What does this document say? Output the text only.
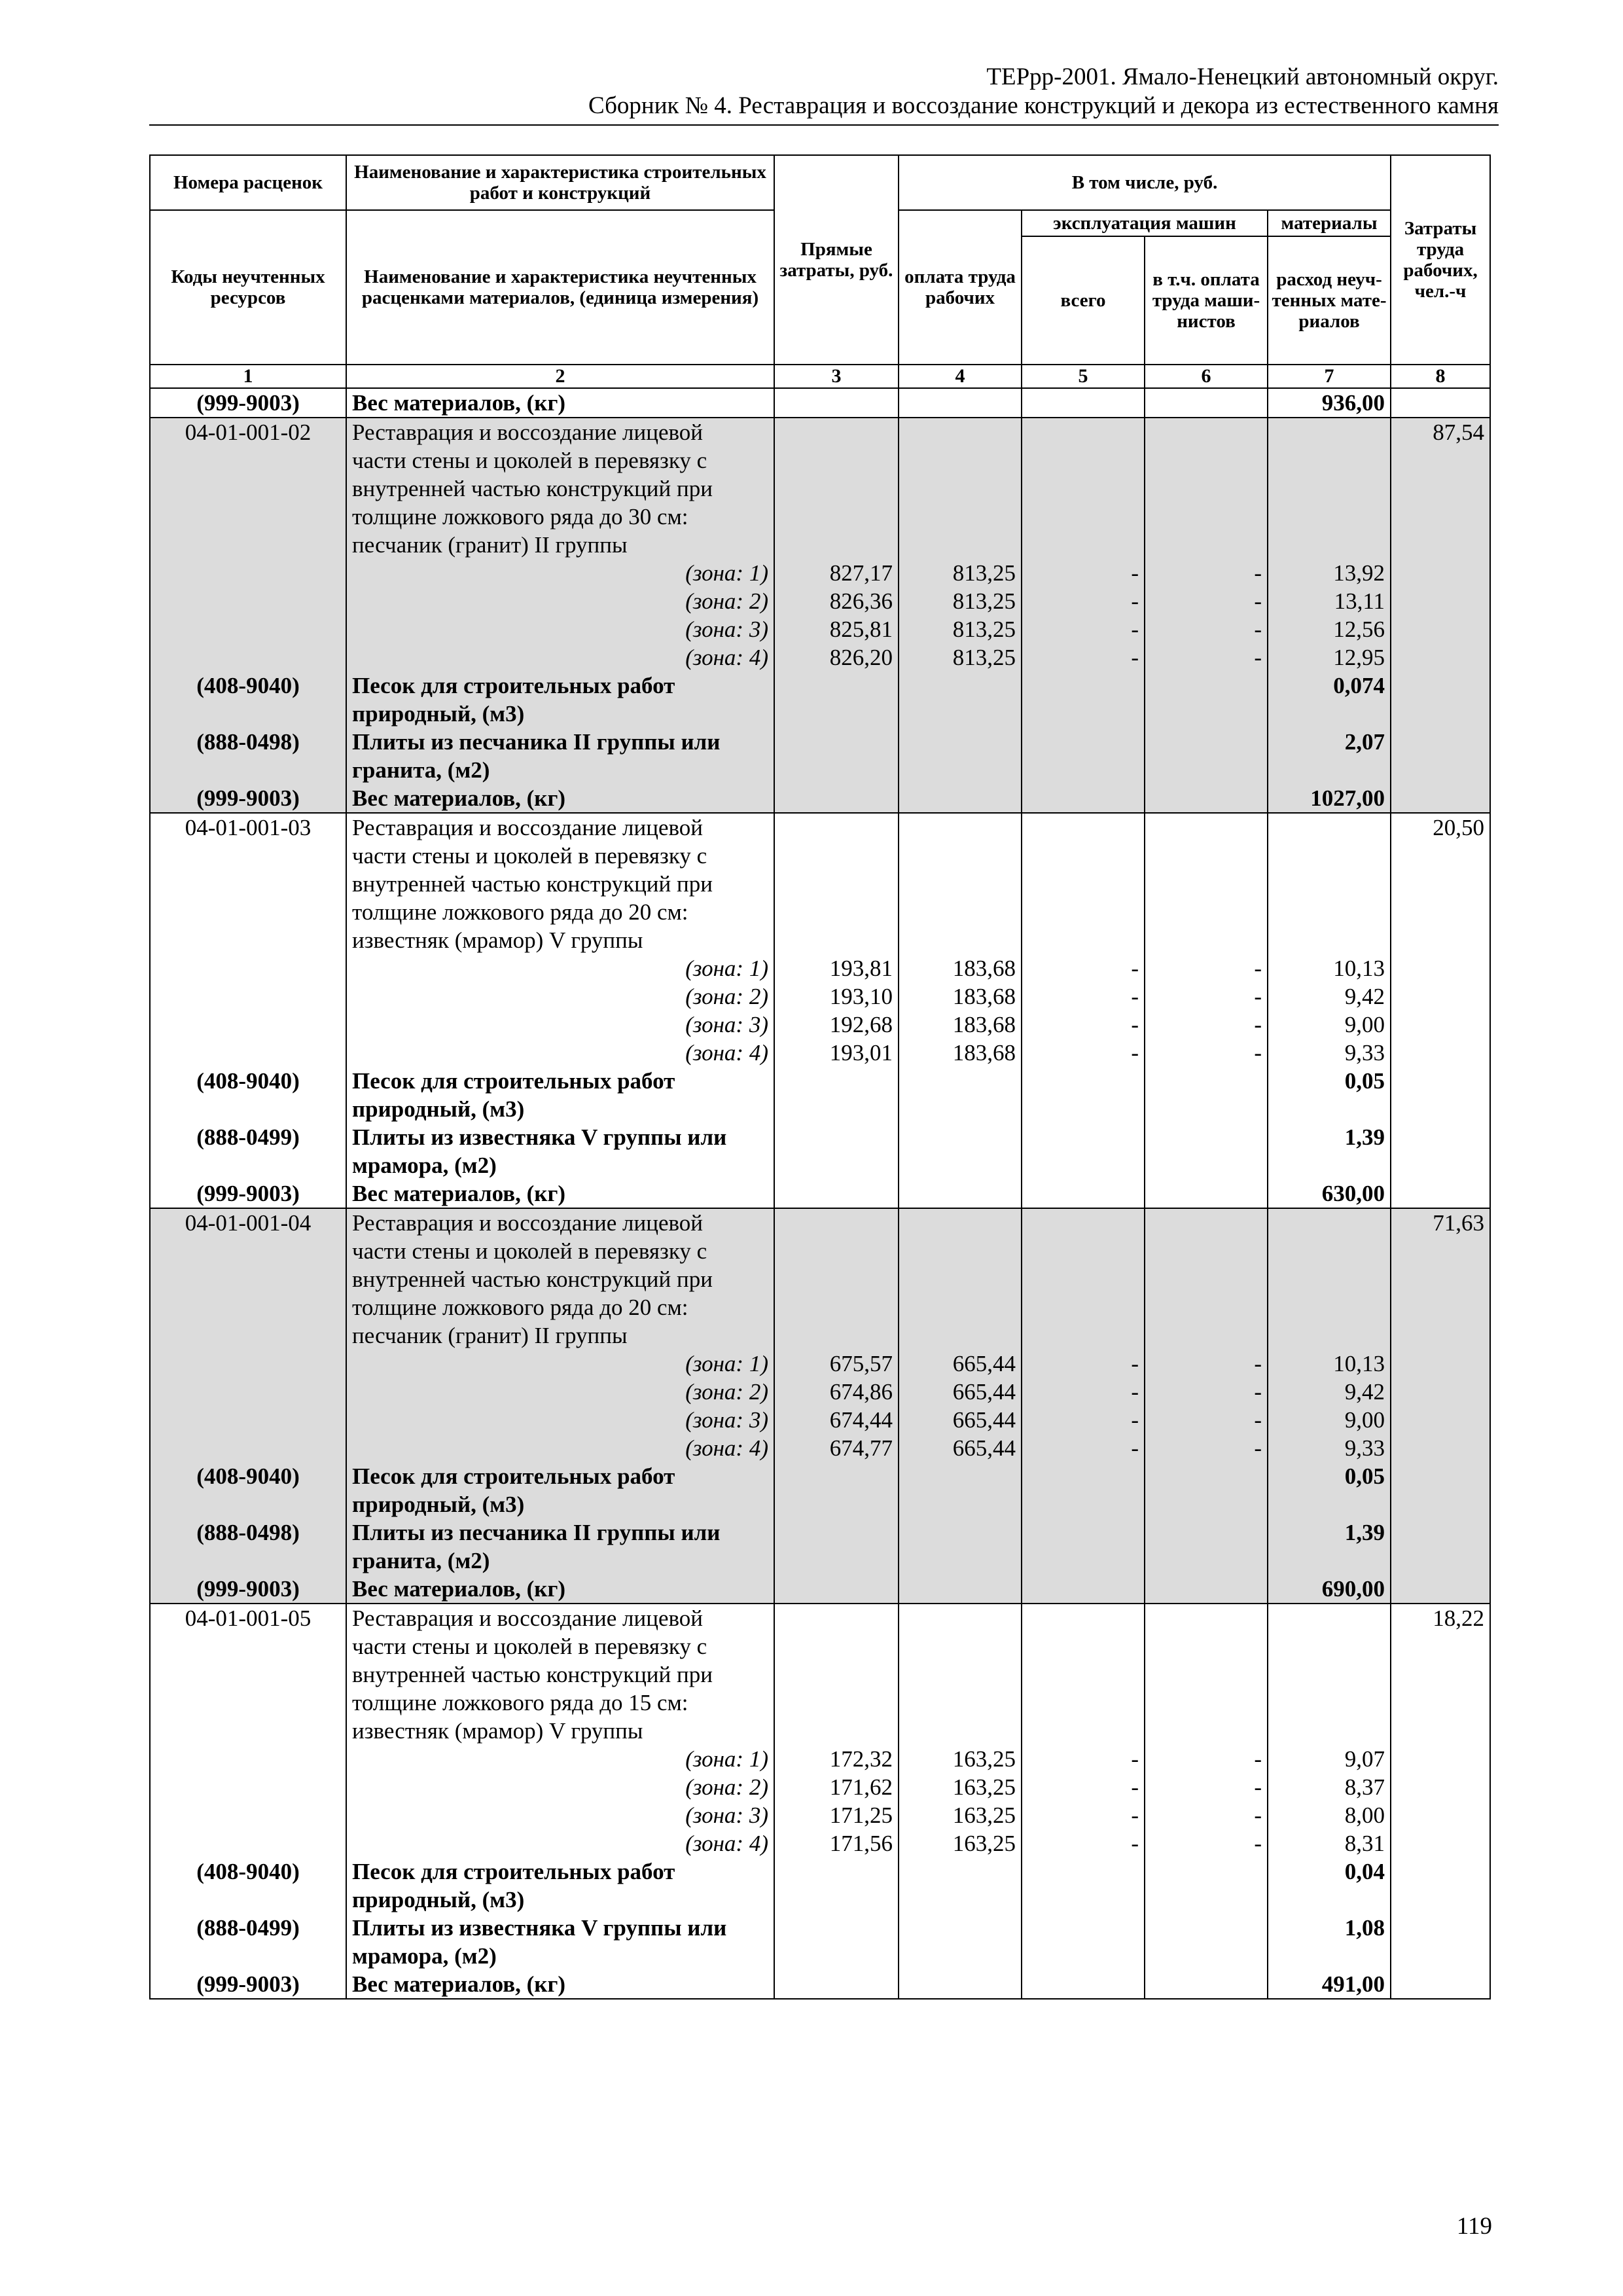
ТЕРрр-2001. Ямало-Ненецкий автономный округ.
Сборник № 4. Реставрация и воссоздание конструкций и декора из естественного камня
Номера расценок	Наименование и характеристика строительных работ и конструкций	Прямые затраты, руб.	В том числе, руб.				Затраты труда рабочих, чел.-ч
Коды неучтенных ресурсов	Наименование и характеристика неучтенных расценками материалов, (единица измерения)		оплата труда рабочих	эксплуатация машин		материалы	
				всего	в т.ч. оплата труда маши-нистов	расход неуч-тенных мате-риалов	
1	2	3	4	5	6	7	8
(999-9003)	Вес материалов, (кг)					936,00	
04-01-001-02	Реставрация и воссоздание лицевой						87,54
	части стены и цоколей в перевязку с						
	внутренней частью конструкций при						
	толщине ложкового ряда до 30 см:						
	песчаник (гранит) II группы						
	(зона: 1)	827,17	813,25	-	-	13,92	
	(зона: 2)	826,36	813,25	-	-	13,11	
	(зона: 3)	825,81	813,25	-	-	12,56	
	(зона: 4)	826,20	813,25	-	-	12,95	
(408-9040)	Песок для строительных работ					0,074	
	природный, (м3)						
(888-0498)	Плиты из песчаника II группы или					2,07	
	гранита, (м2)						
(999-9003)	Вес материалов, (кг)					1027,00	
04-01-001-03	Реставрация и воссоздание лицевой						20,50
	части стены и цоколей в перевязку с						
	внутренней частью конструкций при						
	толщине ложкового ряда до 20 см:						
	известняк (мрамор) V группы						
	(зона: 1)	193,81	183,68	-	-	10,13	
	(зона: 2)	193,10	183,68	-	-	9,42	
	(зона: 3)	192,68	183,68	-	-	9,00	
	(зона: 4)	193,01	183,68	-	-	9,33	
(408-9040)	Песок для строительных работ					0,05	
	природный, (м3)						
(888-0499)	Плиты из известняка V группы или					1,39	
	мрамора, (м2)						
(999-9003)	Вес материалов, (кг)					630,00	
04-01-001-04	Реставрация и воссоздание лицевой						71,63
	части стены и цоколей в перевязку с						
	внутренней частью конструкций при						
	толщине ложкового ряда до 20 см:						
	песчаник (гранит) II группы						
	(зона: 1)	675,57	665,44	-	-	10,13	
	(зона: 2)	674,86	665,44	-	-	9,42	
	(зона: 3)	674,44	665,44	-	-	9,00	
	(зона: 4)	674,77	665,44	-	-	9,33	
(408-9040)	Песок для строительных работ					0,05	
	природный, (м3)						
(888-0498)	Плиты из песчаника II группы или					1,39	
	гранита, (м2)						
(999-9003)	Вес материалов, (кг)					690,00	
04-01-001-05	Реставрация и воссоздание лицевой						18,22
	части стены и цоколей в перевязку с						
	внутренней частью конструкций при						
	толщине ложкового ряда до 15 см:						
	известняк (мрамор) V группы						
	(зона: 1)	172,32	163,25	-	-	9,07	
	(зона: 2)	171,62	163,25	-	-	8,37	
	(зона: 3)	171,25	163,25	-	-	8,00	
	(зона: 4)	171,56	163,25	-	-	8,31	
(408-9040)	Песок для строительных работ					0,04	
	природный, (м3)						
(888-0499)	Плиты из известняка V группы или					1,08	
	мрамора, (м2)						
(999-9003)	Вес материалов, (кг)					491,00	
119
